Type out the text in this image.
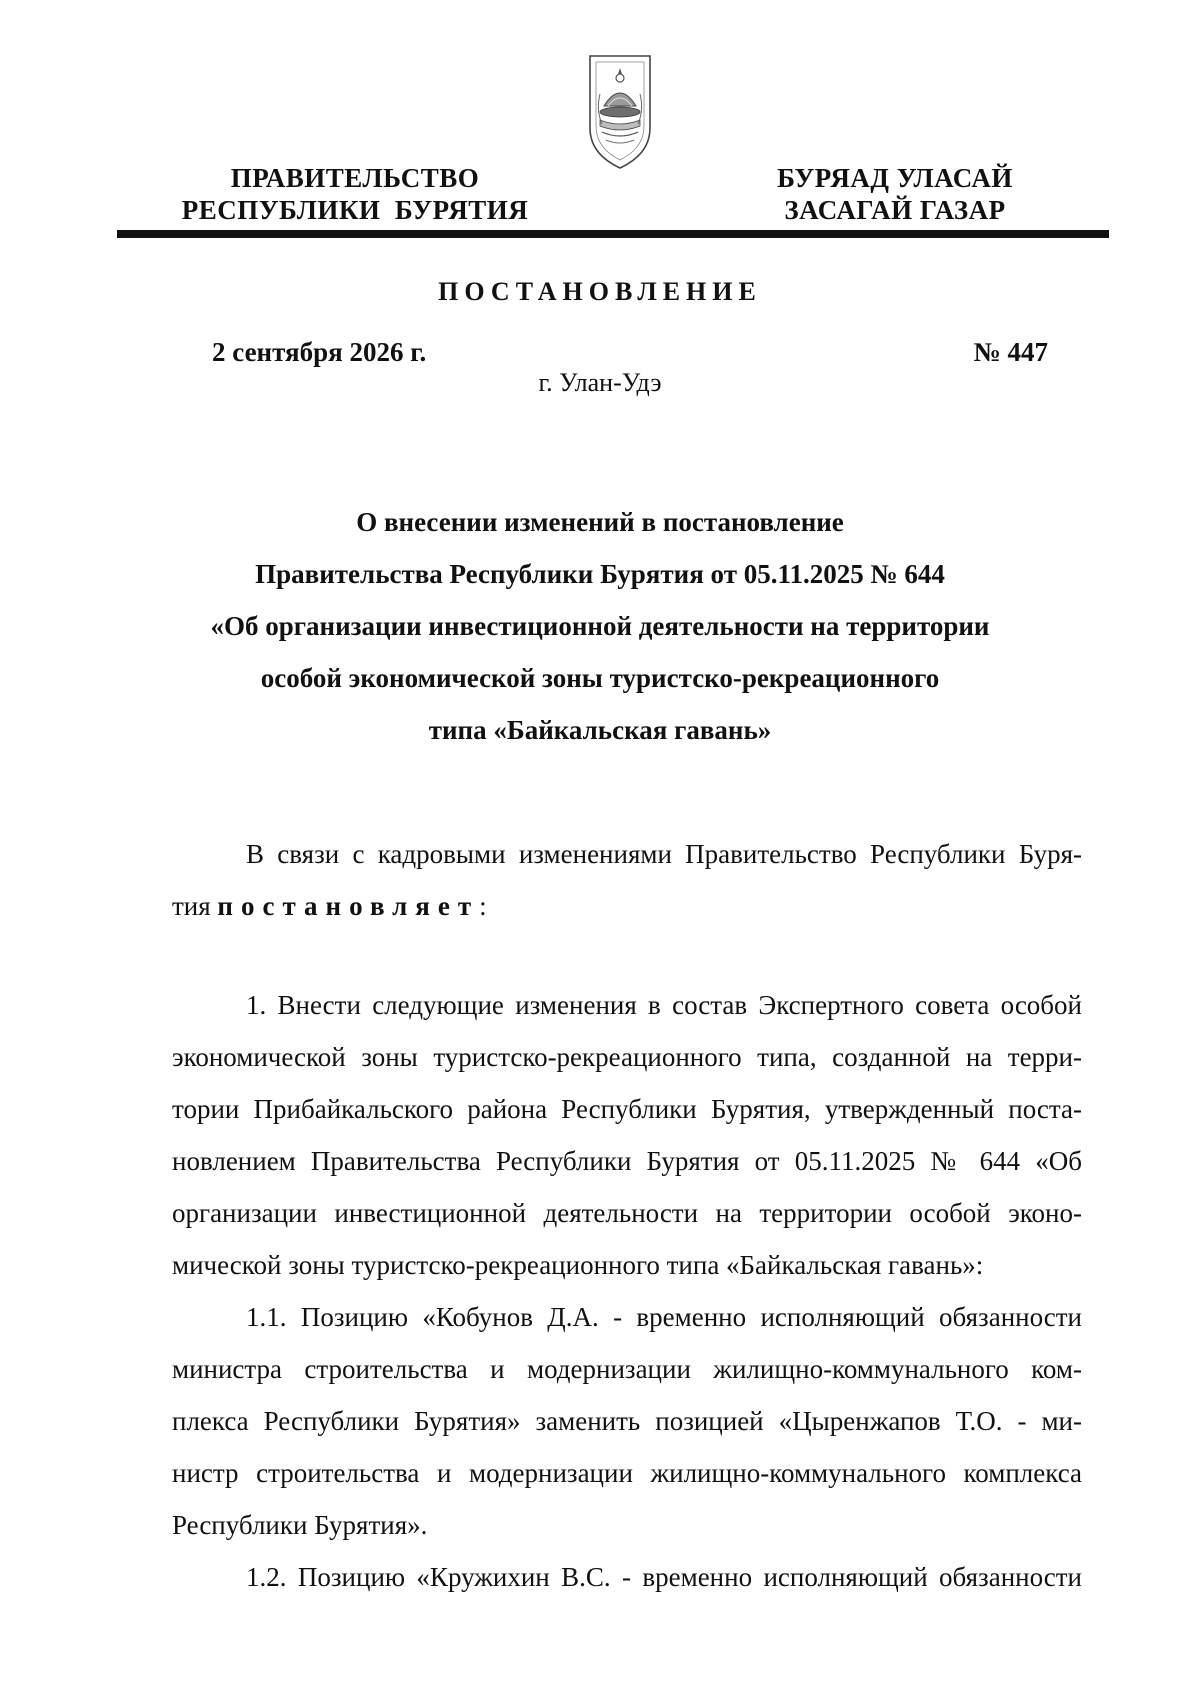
ПРАВИТЕЛЬСТВО
РЕСПУБЛИКИ  БУРЯТИЯ
БУРЯАД УЛАСАЙ
ЗАСАГАЙ ГАЗАР
ПОСТАНОВЛЕНИЕ
2 сентября 2026 г.	№ 447
г. Улан-Удэ
О внесении изменений в постановление
Правительства Республики Бурятия от 05.11.2025 № 644
«Об организации инвестиционной деятельности на территории
особой экономической зоны туристско-рекреационного
типа «Байкальская гавань»
В связи с кадровыми изменениями Правительство Республики Буря-
тия постановляет:
1. Внести следующие изменения в состав Экспертного совета особой
экономической зоны туристско-рекреационного типа, созданной на терри-
тории Прибайкальского района Республики Бурятия, утвержденный поста-
новлением Правительства Республики Бурятия от 05.11.2025 № 644 «Об
организации инвестиционной деятельности на территории особой эконо-
мической зоны туристско-рекреационного типа «Байкальская гавань»:
1.1. Позицию «Кобунов Д.А. - временно исполняющий обязанности
министра строительства и модернизации жилищно-коммунального ком-
плекса Республики Бурятия» заменить позицией «Цыренжапов Т.О. - ми-
нистр строительства и модернизации жилищно-коммунального комплекса
Республики Бурятия».
1.2. Позицию «Кружихин В.С. - временно исполняющий обязанности
